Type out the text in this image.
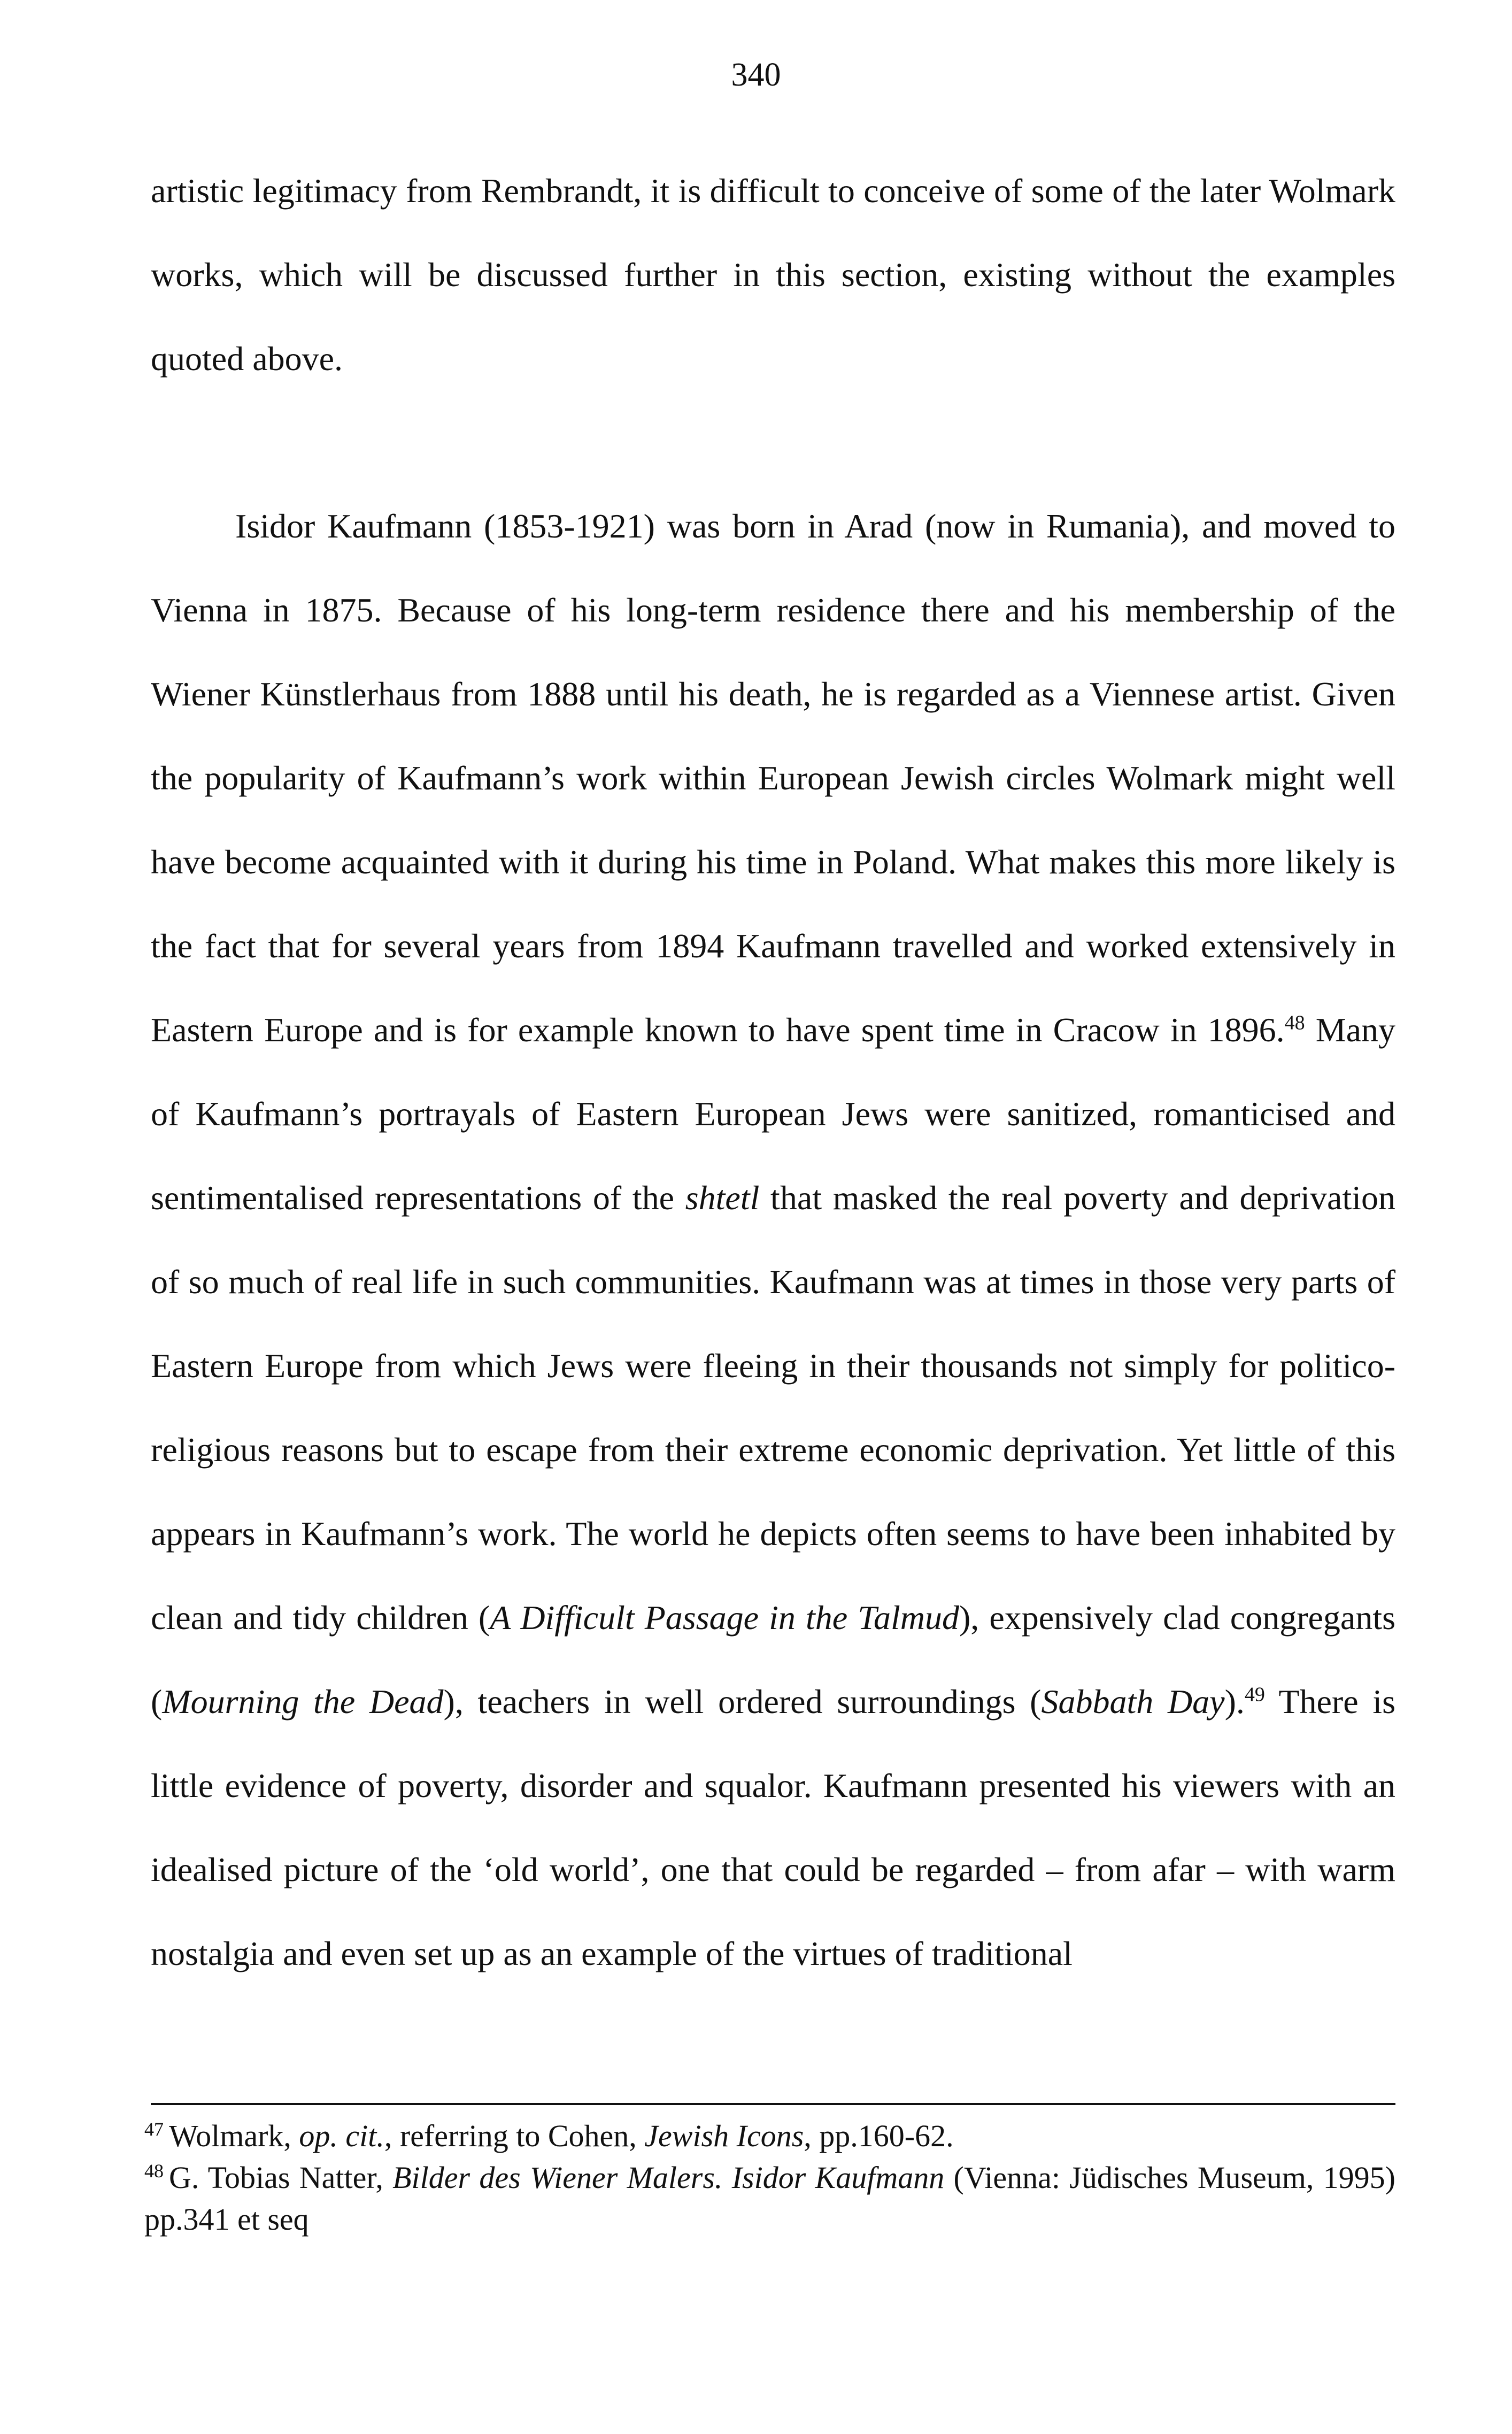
340

artistic legitimacy from Rembrandt, it is difficult to conceive of some of the later Wolmark works, which will be discussed further in this section, existing without the examples quoted above.

Isidor Kaufmann (1853-1921) was born in Arad (now in Rumania), and moved to Vienna in 1875. Because of his long-term residence there and his membership of the Wiener Künstlerhaus from 1888 until his death, he is regarded as a Viennese artist. Given the popularity of Kaufmann’s work within European Jewish circles Wolmark might well have become acquainted with it during his time in Poland. What makes this more likely is the fact that for several years from 1894 Kaufmann travelled and worked extensively in Eastern Europe and is for example known to have spent time in Cracow in 1896.48 Many of Kaufmann’s portrayals of Eastern European Jews were sanitized, romanticised and sentimentalised representations of the shtetl that masked the real poverty and deprivation of so much of real life in such communities. Kaufmann was at times in those very parts of Eastern Europe from which Jews were fleeing in their thousands not simply for politico-religious reasons but to escape from their extreme economic deprivation. Yet little of this appears in Kaufmann’s work. The world he depicts often seems to have been inhabited by clean and tidy children (A Difficult Passage in the Talmud), expensively clad congregants (Mourning the Dead), teachers in well ordered surroundings (Sabbath Day).$^{49}$ There is little evidence of poverty, disorder and squalor. Kaufmann presented his viewers with an idealised picture of the ‘old world’, one that could be regarded – from afar – with warm nostalgia and even set up as an example of the virtues of traditional

$^{47}$ Wolmark, op. cit., referring to Cohen, Jewish Icons, pp.160-62.

$^{48}$ G. Tobias Natter, Bilder des Wiener Malers. Isidor Kaufmann (Vienna: Jüdisches Museum, 1995) pp.341 et seq
